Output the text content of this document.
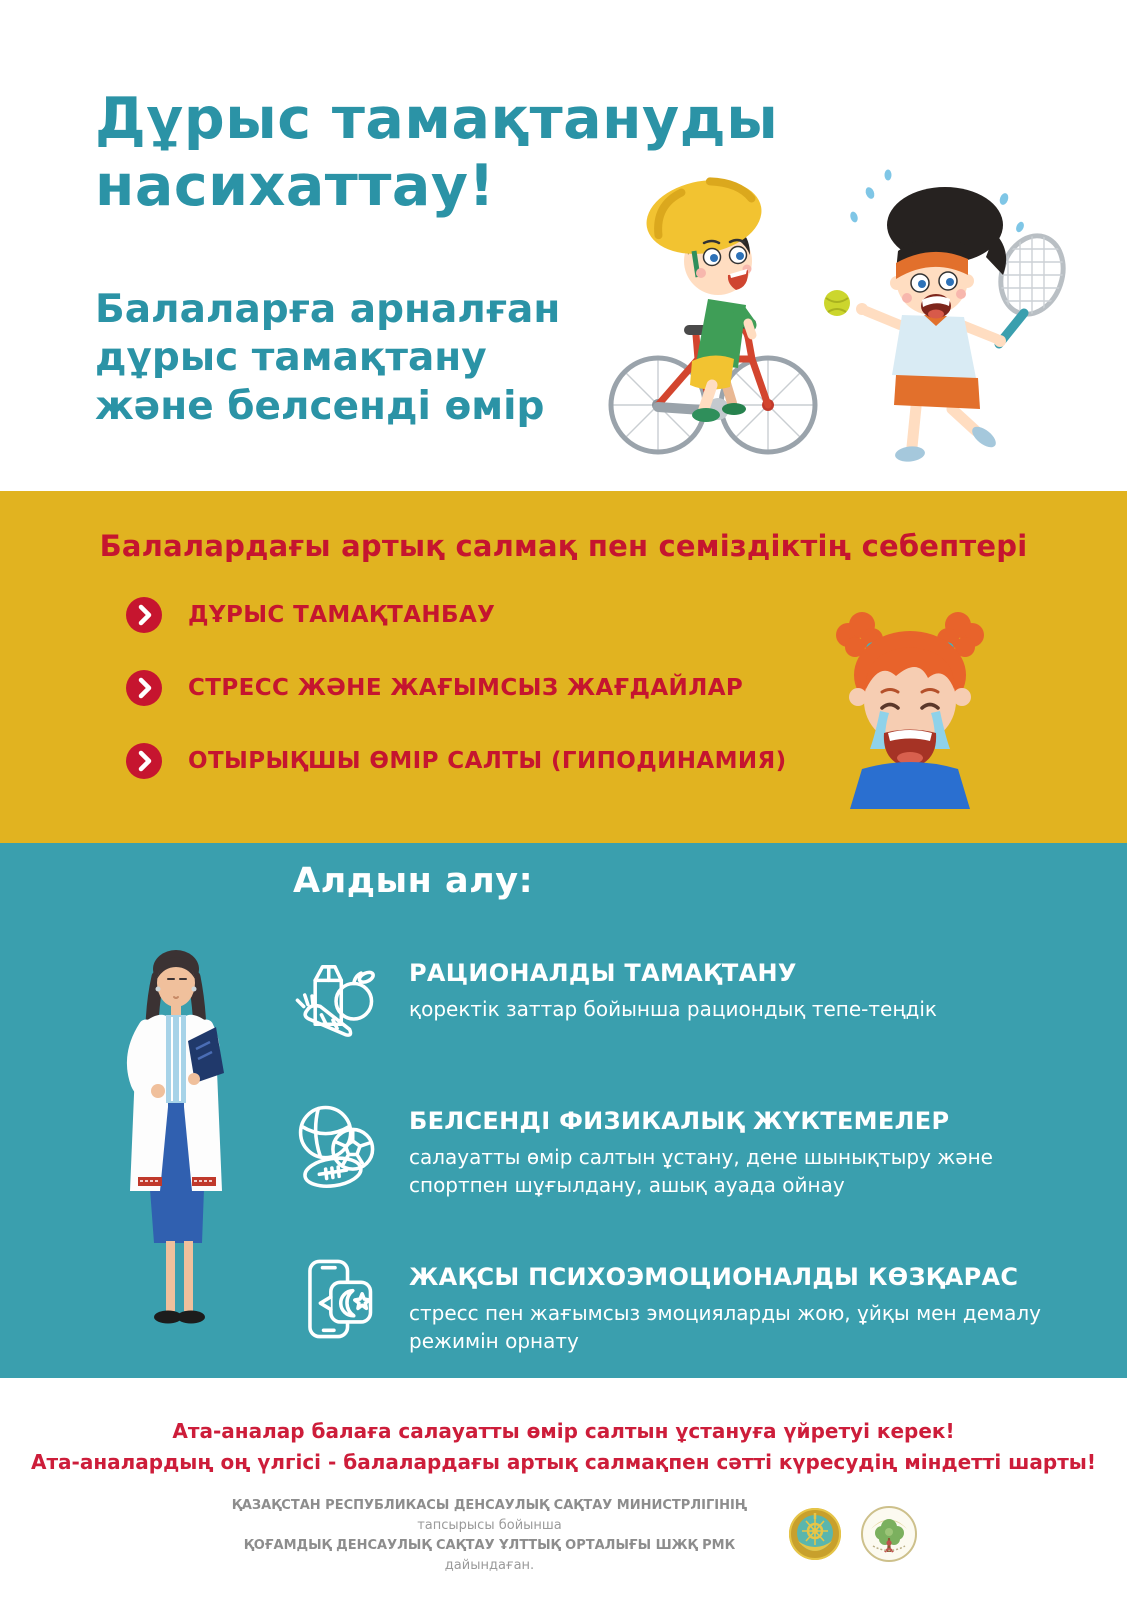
Дұрыс тамақтануды
насихаттау!
Балаларға арналған
дұрыс тамақтану
және белсенді өмір
Балалардағы артық салмақ пен семіздіктің себептері
ДҰРЫС ТАМАҚТАНБАУ
СТРЕСС ЖӘНЕ ЖАҒЫМСЫЗ ЖАҒДАЙЛАР
ОТЫРЫҚШЫ ӨМІР САЛТЫ (ГИПОДИНАМИЯ)
Алдын алу:
РАЦИОНАЛДЫ ТАМАҚТАНУ
қоректік заттар бойынша рациондық тепе-теңдік
БЕЛСЕНДІ ФИЗИКАЛЫҚ ЖҮКТЕМЕЛЕР
салауатты өмір салтын ұстану, дене шынықтыру және спортпен шұғылдану, ашық ауада ойнау
ЖАҚСЫ ПСИХОЭМОЦИОНАЛДЫ КӨЗҚАРАС
стресс пен жағымсыз эмоцияларды жою, ұйқы мен демалу режимін орнату
Ата-аналар балаға салауатты өмір салтын ұстануға үйретуі керек!
Ата-аналардың оң үлгісі - балалардағы артық салмақпен сәтті күресудің міндетті шарты!
ҚАЗАҚСТАН РЕСПУБЛИКАСЫ ДЕНСАУЛЫҚ САҚТАУ МИНИСТРЛІГІНІҢ тапсырысы бойынша
ҚОҒАМДЫҚ ДЕНСАУЛЫҚ САҚТАУ ҰЛТТЫҚ ОРТАЛЫҒЫ ШЖҚ РМК дайындаған.
